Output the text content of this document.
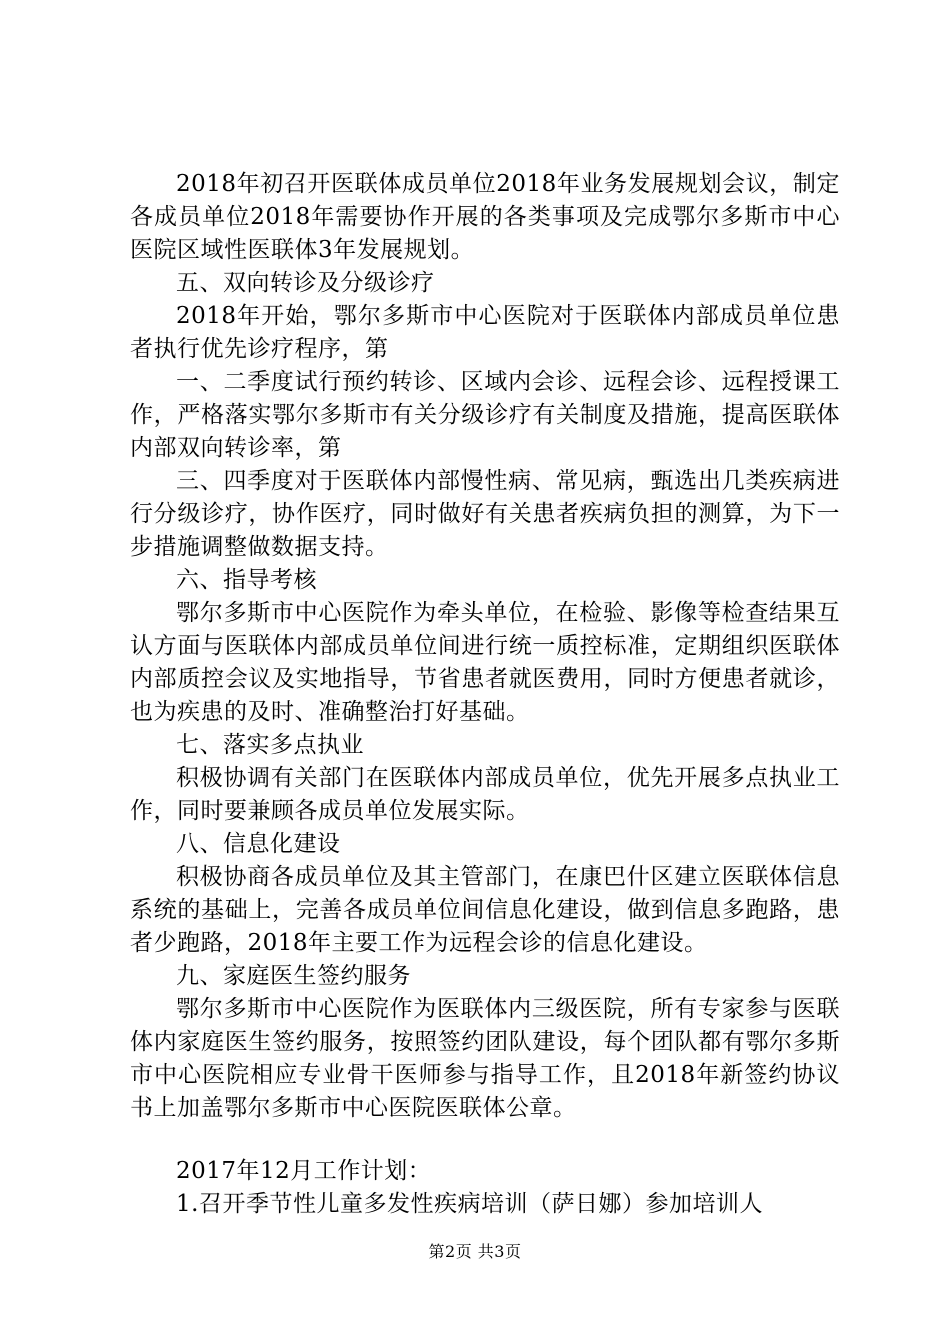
2018年初召开医联体成员单位2018年业务发展规划会议，制定各成员单位2018年需要协作开展的各类事项及完成鄂尔多斯市中心医院区域性医联体3年发展规划。

五、双向转诊及分级诊疗

2018年开始，鄂尔多斯市中心医院对于医联体内部成员单位患者执行优先诊疗程序，第

一、二季度试行预约转诊、区域内会诊、远程会诊、远程授课工作，严格落实鄂尔多斯市有关分级诊疗有关制度及措施，提高医联体内部双向转诊率，第

三、四季度对于医联体内部慢性病、常见病，甄选出几类疾病进行分级诊疗，协作医疗，同时做好有关患者疾病负担的测算，为下一步措施调整做数据支持。

六、指导考核

鄂尔多斯市中心医院作为牵头单位，在检验、影像等检查结果互认方面与医联体内部成员单位间进行统一质控标准，定期组织医联体内部质控会议及实地指导，节省患者就医费用，同时方便患者就诊，也为疾患的及时、准确整治打好基础。

七、落实多点执业

积极协调有关部门在医联体内部成员单位，优先开展多点执业工作，同时要兼顾各成员单位发展实际。

八、信息化建设

积极协商各成员单位及其主管部门，在康巴什区建立医联体信息系统的基础上，完善各成员单位间信息化建设，做到信息多跑路，患者少跑路，2018年主要工作为远程会诊的信息化建设。

九、家庭医生签约服务

鄂尔多斯市中心医院作为医联体内三级医院，所有专家参与医联体内家庭医生签约服务，按照签约团队建设，每个团队都有鄂尔多斯市中心医院相应专业骨干医师参与指导工作，且2018年新签约协议书上加盖鄂尔多斯市中心医院医联体公章。

2017年12月工作计划：

1.召开季节性儿童多发性疾病培训（萨日娜）参加培训人

第2页 共3页
